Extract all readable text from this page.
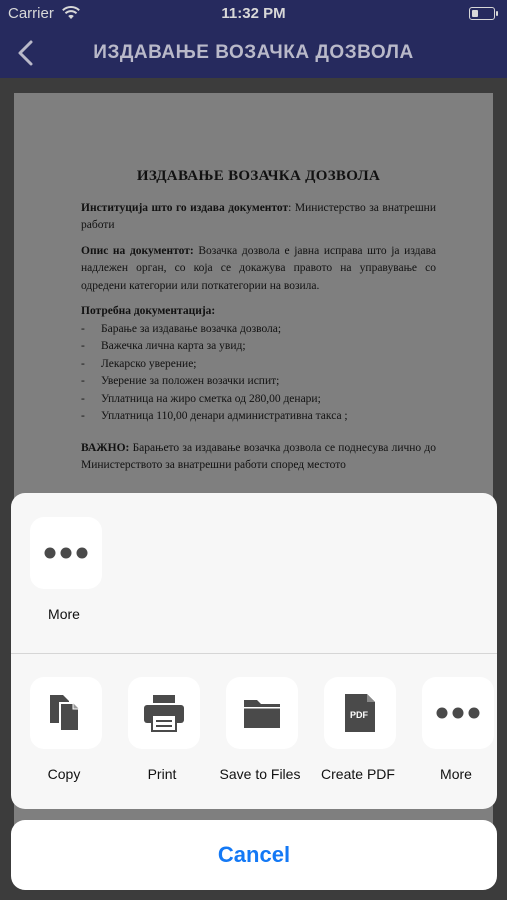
Carrier	11:32 PM
ИЗДАВАЊЕ ВОЗАЧКА ДОЗВОЛА
ИЗДАВАЊЕ ВОЗАЧКА ДОЗВОЛА

Институција што го издава документот: Министерство за внатрешни работи

Опис на документот: Возачка дозвола е јавна исправа што ја издава надлежен орган, со која се докажува правото на управување со одредени категории или поткатегории на возила.

Потребна документација:

- Барање за издавање возачка дозвола;
- Важечка лична карта за увид;
- Лекарско уверение;
- Уверение за положен возачки испит;
- Уплатница на жиро сметка од 280,00 денари;
- Уплатница 110,00 денари административна такса ;

ВАЖНО: Барањето за издавање возачка дозвола се поднесува лично до Министерството за внатрешни работи според местото

More
Copy	Print	Save to Files
PDF
Create PDF	More
Cancel
